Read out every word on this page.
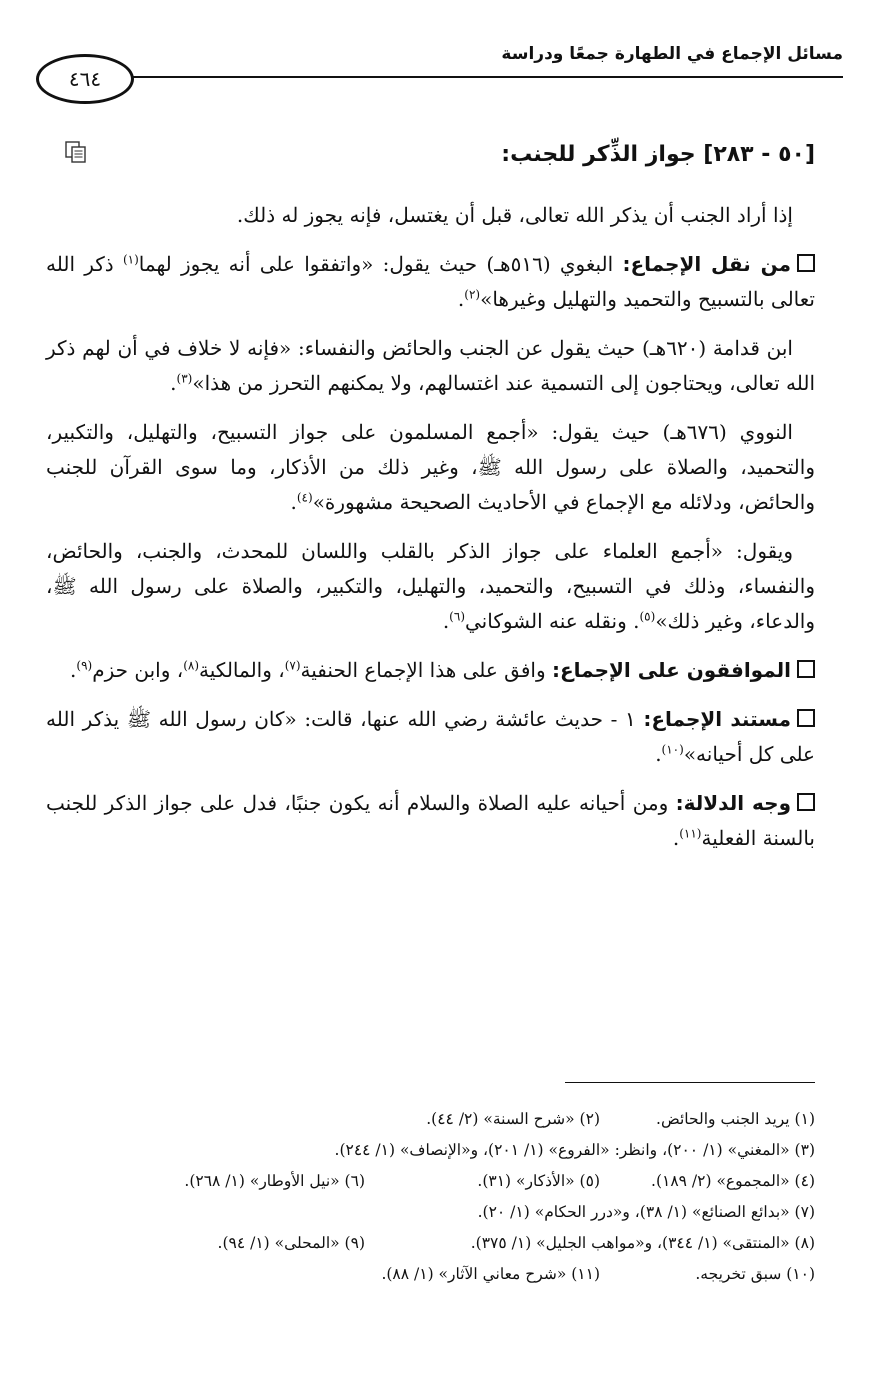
مسائل الإجماع في الطهارة جمعًا ودراسة
٤٦٤
[٥٠ - ٢٨٣] جواز الذِّكر للجنب:

إذا أراد الجنب أن يذكر الله تعالى، قبل أن يغتسل، فإنه يجوز له ذلك.

من نقل الإجماع: البغوي (٥١٦هـ) حيث يقول: «واتفقوا على أنه يجوز لهما$^{(١)}$ ذكر الله تعالى بالتسبيح والتحميد والتهليل وغيرها»$^{(٢)}$.

ابن قدامة (٦٢٠هـ) حيث يقول عن الجنب والحائض والنفساء: «فإنه لا خلاف في أن لهم ذكر الله تعالى، ويحتاجون إلى التسمية عند اغتسالهم، ولا يمكنهم التحرز من هذا»$^{(٣)}$.

النووي (٦٧٦هـ) حيث يقول: «أجمع المسلمون على جواز التسبيح، والتهليل، والتكبير، والتحميد، والصلاة على رسول الله ﷺ، وغير ذلك من الأذكار، وما سوى القرآن للجنب والحائض، ودلائله مع الإجماع في الأحاديث الصحيحة مشهورة»$^{(٤)}$.

ويقول: «أجمع العلماء على جواز الذكر بالقلب واللسان للمحدث، والجنب، والحائض، والنفساء، وذلك في التسبيح، والتحميد، والتهليل، والتكبير، والصلاة على رسول الله ﷺ، والدعاء، وغير ذلك»$^{(٥)}$. ونقله عنه الشوكاني$^{(٦)}$.

الموافقون على الإجماع: وافق على هذا الإجماع الحنفية$^{(٧)}$، والمالكية$^{(٨)}$، وابن حزم$^{(٩)}$.

مستند الإجماع: ١ - حديث عائشة رضي الله عنها، قالت: «كان رسول الله ﷺ يذكر الله على كل أحيانه»$^{(١٠)}$.

وجه الدلالة: ومن أحيانه عليه الصلاة والسلام أنه يكون جنبًا، فدل على جواز الذكر للجنب بالسنة الفعلية$^{(١١)}$.

(١) يريد الجنب والحائض.
(٢) «شرح السنة» (٢/ ٤٤).
(٣) «المغني» (١/ ٢٠٠)، وانظر: «الفروع» (١/ ٢٠١)، و«الإنصاف» (١/ ٢٤٤).
(٤) «المجموع» (٢/ ١٨٩).
(٥) «الأذكار» (٣١).
(٦) «نيل الأوطار» (١/ ٢٦٨).
(٧) «بدائع الصنائع» (١/ ٣٨)، و«درر الحكام» (١/ ٢٠).
(٨) «المنتقى» (١/ ٣٤٤)، و«مواهب الجليل» (١/ ٣٧٥).
(٩) «المحلى» (١/ ٩٤).
(١٠) سبق تخريجه.
(١١) «شرح معاني الآثار» (١/ ٨٨).
